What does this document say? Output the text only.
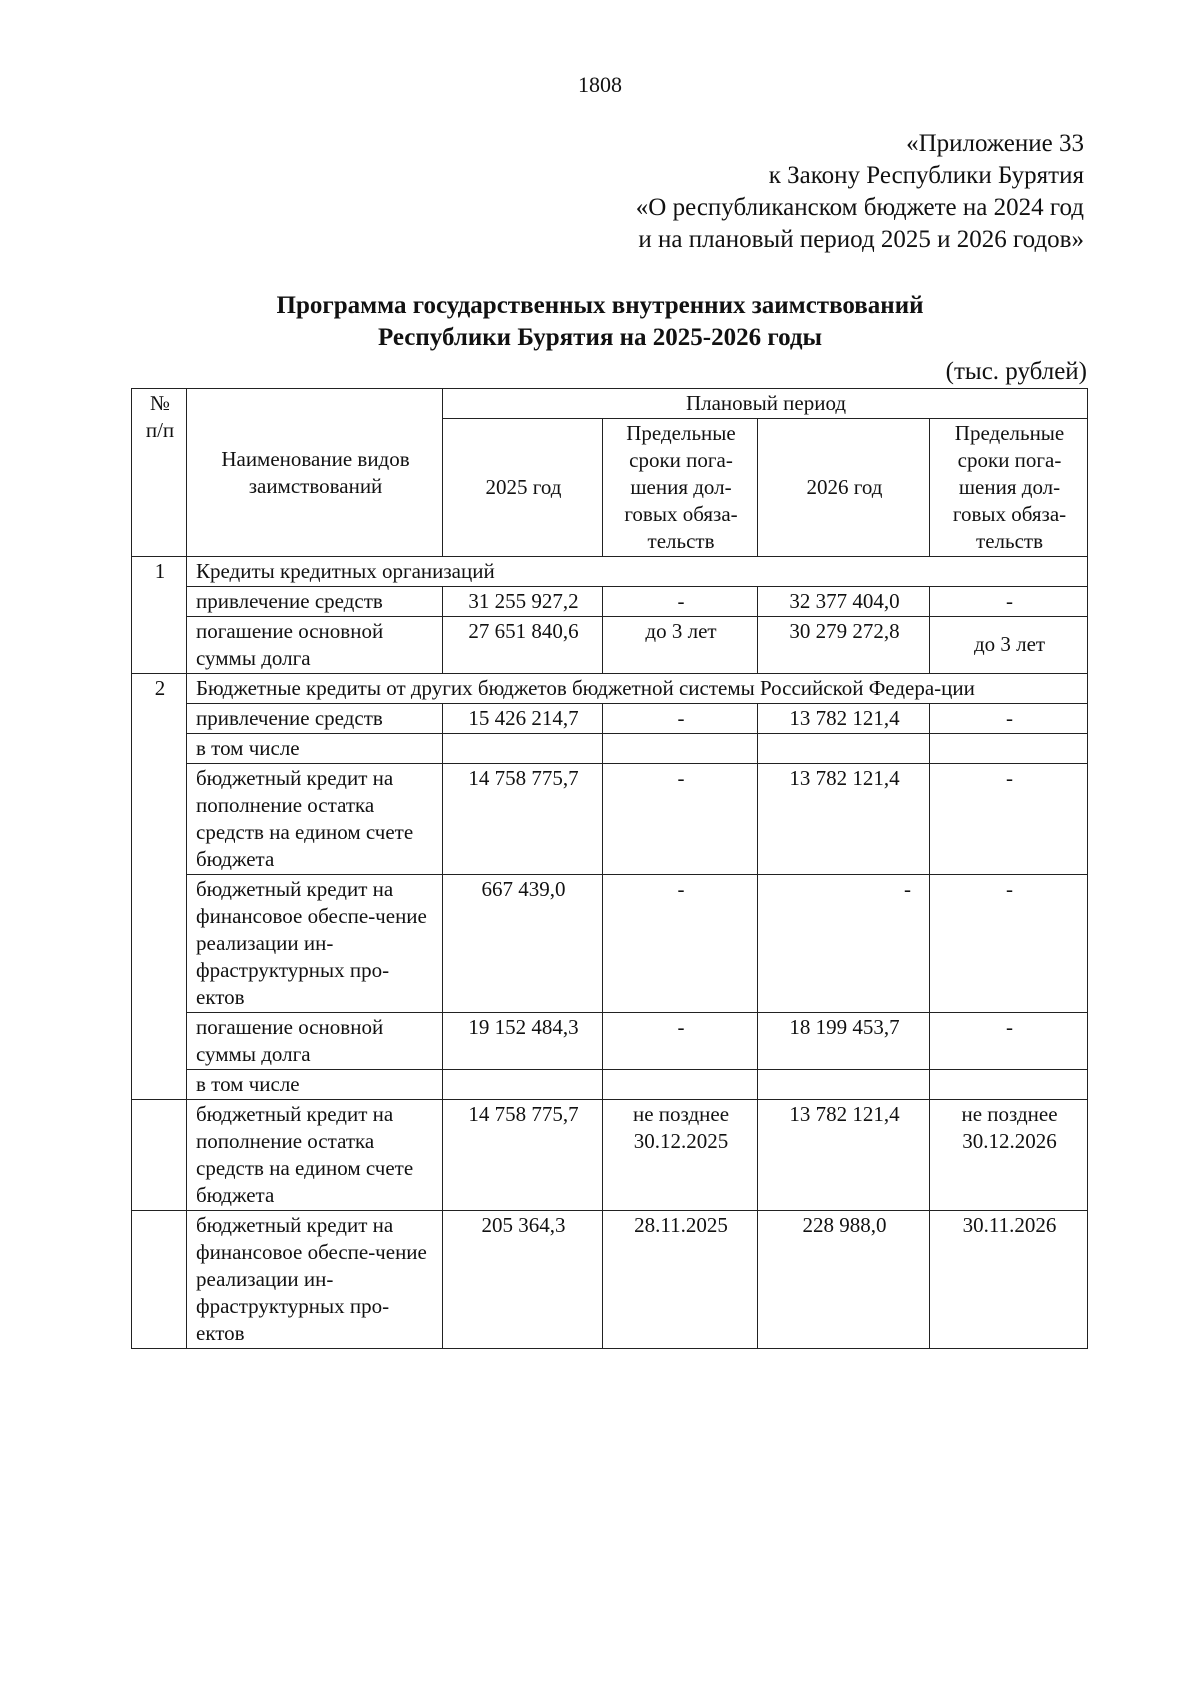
1808
«Приложение 33
к Закону Республики Бурятия
«О республиканском бюджете на 2024 год
и на плановый период 2025 и 2026 годов»
Программа государственных внутренних заимствований
Республики Бурятия на 2025-2026 годы
(тыс. рублей)
№ п/п	Наименование видов заимствований	Плановый период			
		2025 год	Предельные сроки пога-шения дол-говых обяза-тельств	2026 год	Предельные сроки пога-шения дол-говых обяза-тельств
1	Кредиты кредитных организаций				
	привлечение средств	31 255 927,2	-	32 377 404,0	-
	погашение основной суммы долга	27 651 840,6	до 3 лет	30 279 272,8	до 3 лет
2	Бюджетные кредиты от других бюджетов бюджетной системы Российской Федера-ции				
	привлечение средств	15 426 214,7	-	13 782 121,4	-
	в том числе				
	бюджетный кредит на пополнение остатка средств на едином счете бюджета	14 758 775,7	-	13 782 121,4	-
	бюджетный кредит на финансовое обеспе-чение реализации ин-фраструктурных про-ектов	667 439,0	-	-	-
	погашение основной суммы долга	19 152 484,3	-	18 199 453,7	-
	в том числе				
	бюджетный кредит на пополнение остатка средств на едином счете бюджета	14 758 775,7	не позднее 30.12.2025	13 782 121,4	не позднее 30.12.2026
	бюджетный кредит на финансовое обеспе-чение реализации ин-фраструктурных про-ектов	205 364,3	28.11.2025	228 988,0	30.11.2026
